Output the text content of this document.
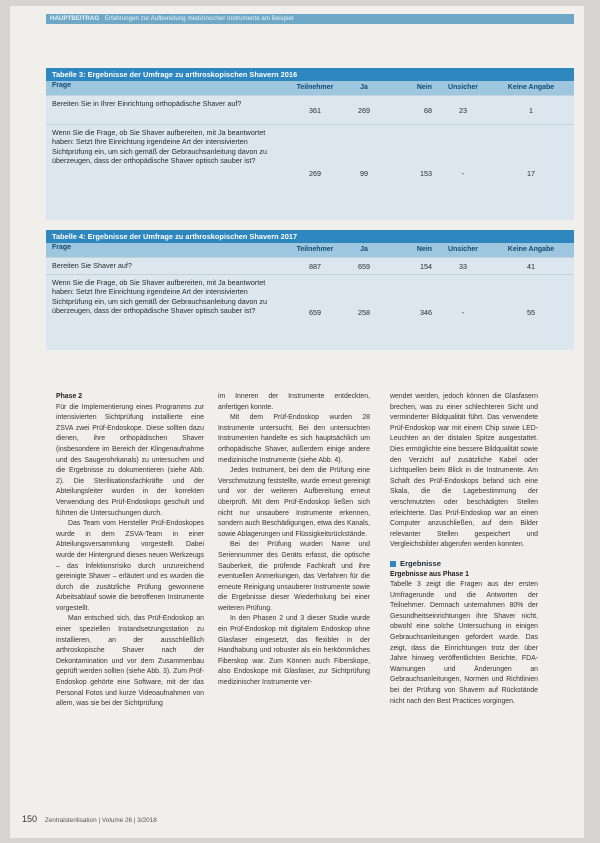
HAUPTBEITRAG Erfahrungen zur Aufbereitung medizinischer Instrumente am Beispiel
Tabelle 3: Ergebnisse der Umfrage zu arthroskopischen Shavern 2016
Frage	Teilnehmer	Ja	Nein	Unsicher	Keine Angabe
Bereiten Sie in Ihrer Einrichtung orthopädische Shaver auf?
361	269	68	23	1
Wenn Sie die Frage, ob Sie Shaver aufbereiten, mit Ja beantwortet haben: Setzt Ihre Einrichtung irgendeine Art der intensivierten Sichtprüfung ein, um sich gemäß der Gebrauchsanleitung davon zu überzeugen, dass der orthopädische Shaver optisch sauber ist?
269	99	153	-	17
Tabelle 4: Ergebnisse der Umfrage zu arthroskopischen Shavern 2017
Frage	Teilnehmer	Ja	Nein	Unsicher	Keine Angabe
Bereiten Sie Shaver auf?	887	659	154	33	41
Wenn Sie die Frage, ob Sie Shaver aufbereiten, mit Ja beantwortet haben: Setzt Ihre Einrichtung irgendeine Art der intensivierten Sichtprüfung ein, um sich gemäß der Gebrauchsanleitung davon zu überzeugen, dass der orthopädische Shaver optisch sauber ist?	659	258	346	-	55

Phase 2

Für die Implementierung eines Programms zur intensivierten Sichtprüfung installierte eine ZSVA zwei Prüf-Endoskope. Diese sollten dazu dienen, ihre orthopädischen Shaver (insbesondere im Bereich der Klingenaufnahme und des Saugerohrkanals) zu untersuchen und die Ergebnisse zu dokumentieren (siehe Abb. 2). Die Sterilisationsfachkräfte und der Abteilungsleiter wurden in der korrekten Verwendung des Prüf-Endoskops geschult und führten die Untersuchungen durch.

Das Team vom Hersteller Prüf-Endoskopes wurde in dem ZSVA-Team in einer Abteilungsversammlung vorgestellt. Dabei wurde der Hintergrund dieses neuen Werkzeugs – das Infektionsrisiko durch unzureichend gereinigte Shaver – erläutert und es wurden die durch die zusätzliche Prüfung gewonnene Arbeitsablauf sowie die betroffenen Instrumente vorgestellt.

Man entschied sich, das Prüf-Endoskop an einer speziellen Instandsetzungsstation zu installieren, an der ausschließlich arthroskopische Shaver nach der Dekontamination und vor dem Zusammenbau geprüft werden sollten (siehe Abb. 3). Zum Prüf-Endoskop gehörte eine Software, mit der das Personal Fotos und kurze Videoaufnahmen von allem, was sie bei der Sichtprüfung

im Inneren der Instrumente entdeckten, anfertigen konnte.

Mit dem Prüf-Endoskop wurden 28 Instrumente untersucht. Bei den untersuchten Instrumenten handelte es sich hauptsächlich um orthopädische Shaver, außerdem einige andere medizinische Instrumente (siehe Abb. 4).

Jedes Instrument, bei dem die Prüfung eine Verschmutzung feststellte, wurde erneut gereinigt und vor der weiteren Aufbereitung erneut überprüft. Mit dem Prüf-Endoskop ließen sich nicht nur unsaubere Instrumente erkennen, sondern auch Beschädigungen, etwa des Kanals, sowie Ablagerungen und Flüssigkeitsrückstände.

Bei der Prüfung wurden Name und Seriennummer des Geräts erfasst, die optische Sauberkeit, die prüfende Fachkraft und ihre eventuellen Anmerkungen, das Verfahren für die erneute Reinigung unsauberer Instrumente sowie die Ergebnisse dieser Wiederholung bei einer weiteren Prüfung.

In den Phasen 2 und 3 dieser Studie wurde ein Prüf-Endoskop mit digitalem Endoskop ohne Glasfaser eingesetzt, das flexibler in der Handhabung und robuster als ein herkömmliches Fiberskop war. Zum Können auch Fiberskope, also Endoskope mit Glasfaser, zur Sichtprüfung medizinischer Instrumente ver-

wendet werden, jedoch können die Glasfasern brechen, was zu einer schlechteren Sicht und verminderter Bildqualität führt. Das verwendete Prüf-Endoskop war mit einem Chip sowie LED-Leuchten an der distalen Spitze ausgestattet. Dies ermöglichte eine bessere Bildqualität sowie den Verzicht auf zusätzliche Kabel oder Lichtquellen beim Blick in die Instrumente. Am Schaft des Prüf-Endoskops befand sich eine Skala, die die Lagebestimmung der verschmutzten oder beschädigten Stellen erleichterte. Das Prüf-Endoskop war an einen Computer anzuschließen, auf dem Bilder relevanter Stellen gespeichert und Vergleichsbilder abgerufen werden konnten.

Ergebnisse

Ergebnisse aus Phase 1

Tabelle 3 zeigt die Fragen aus der ersten Umfragerunde und die Antworten der Teilnehmer. Demnach unternahmen 80% der Gesundheitseinrichtungen ihre Shaver nicht, obwohl eine solche Untersuchung in einigen Gebrauchsanleitungen gefordert wurde. Das zeigt, dass die Einrichtungen trotz der über Jahre hinweg veröffentlichten Berichte, FDA-Warnungen und Änderungen an Gebrauchsanleitungen, Normen und Richtlinien bei der Prüfung von Shavern auf Rückstände nicht nach den Best Practices vorgingen.

150 Zentralsterilisation | Volume 26 | 3/2018
